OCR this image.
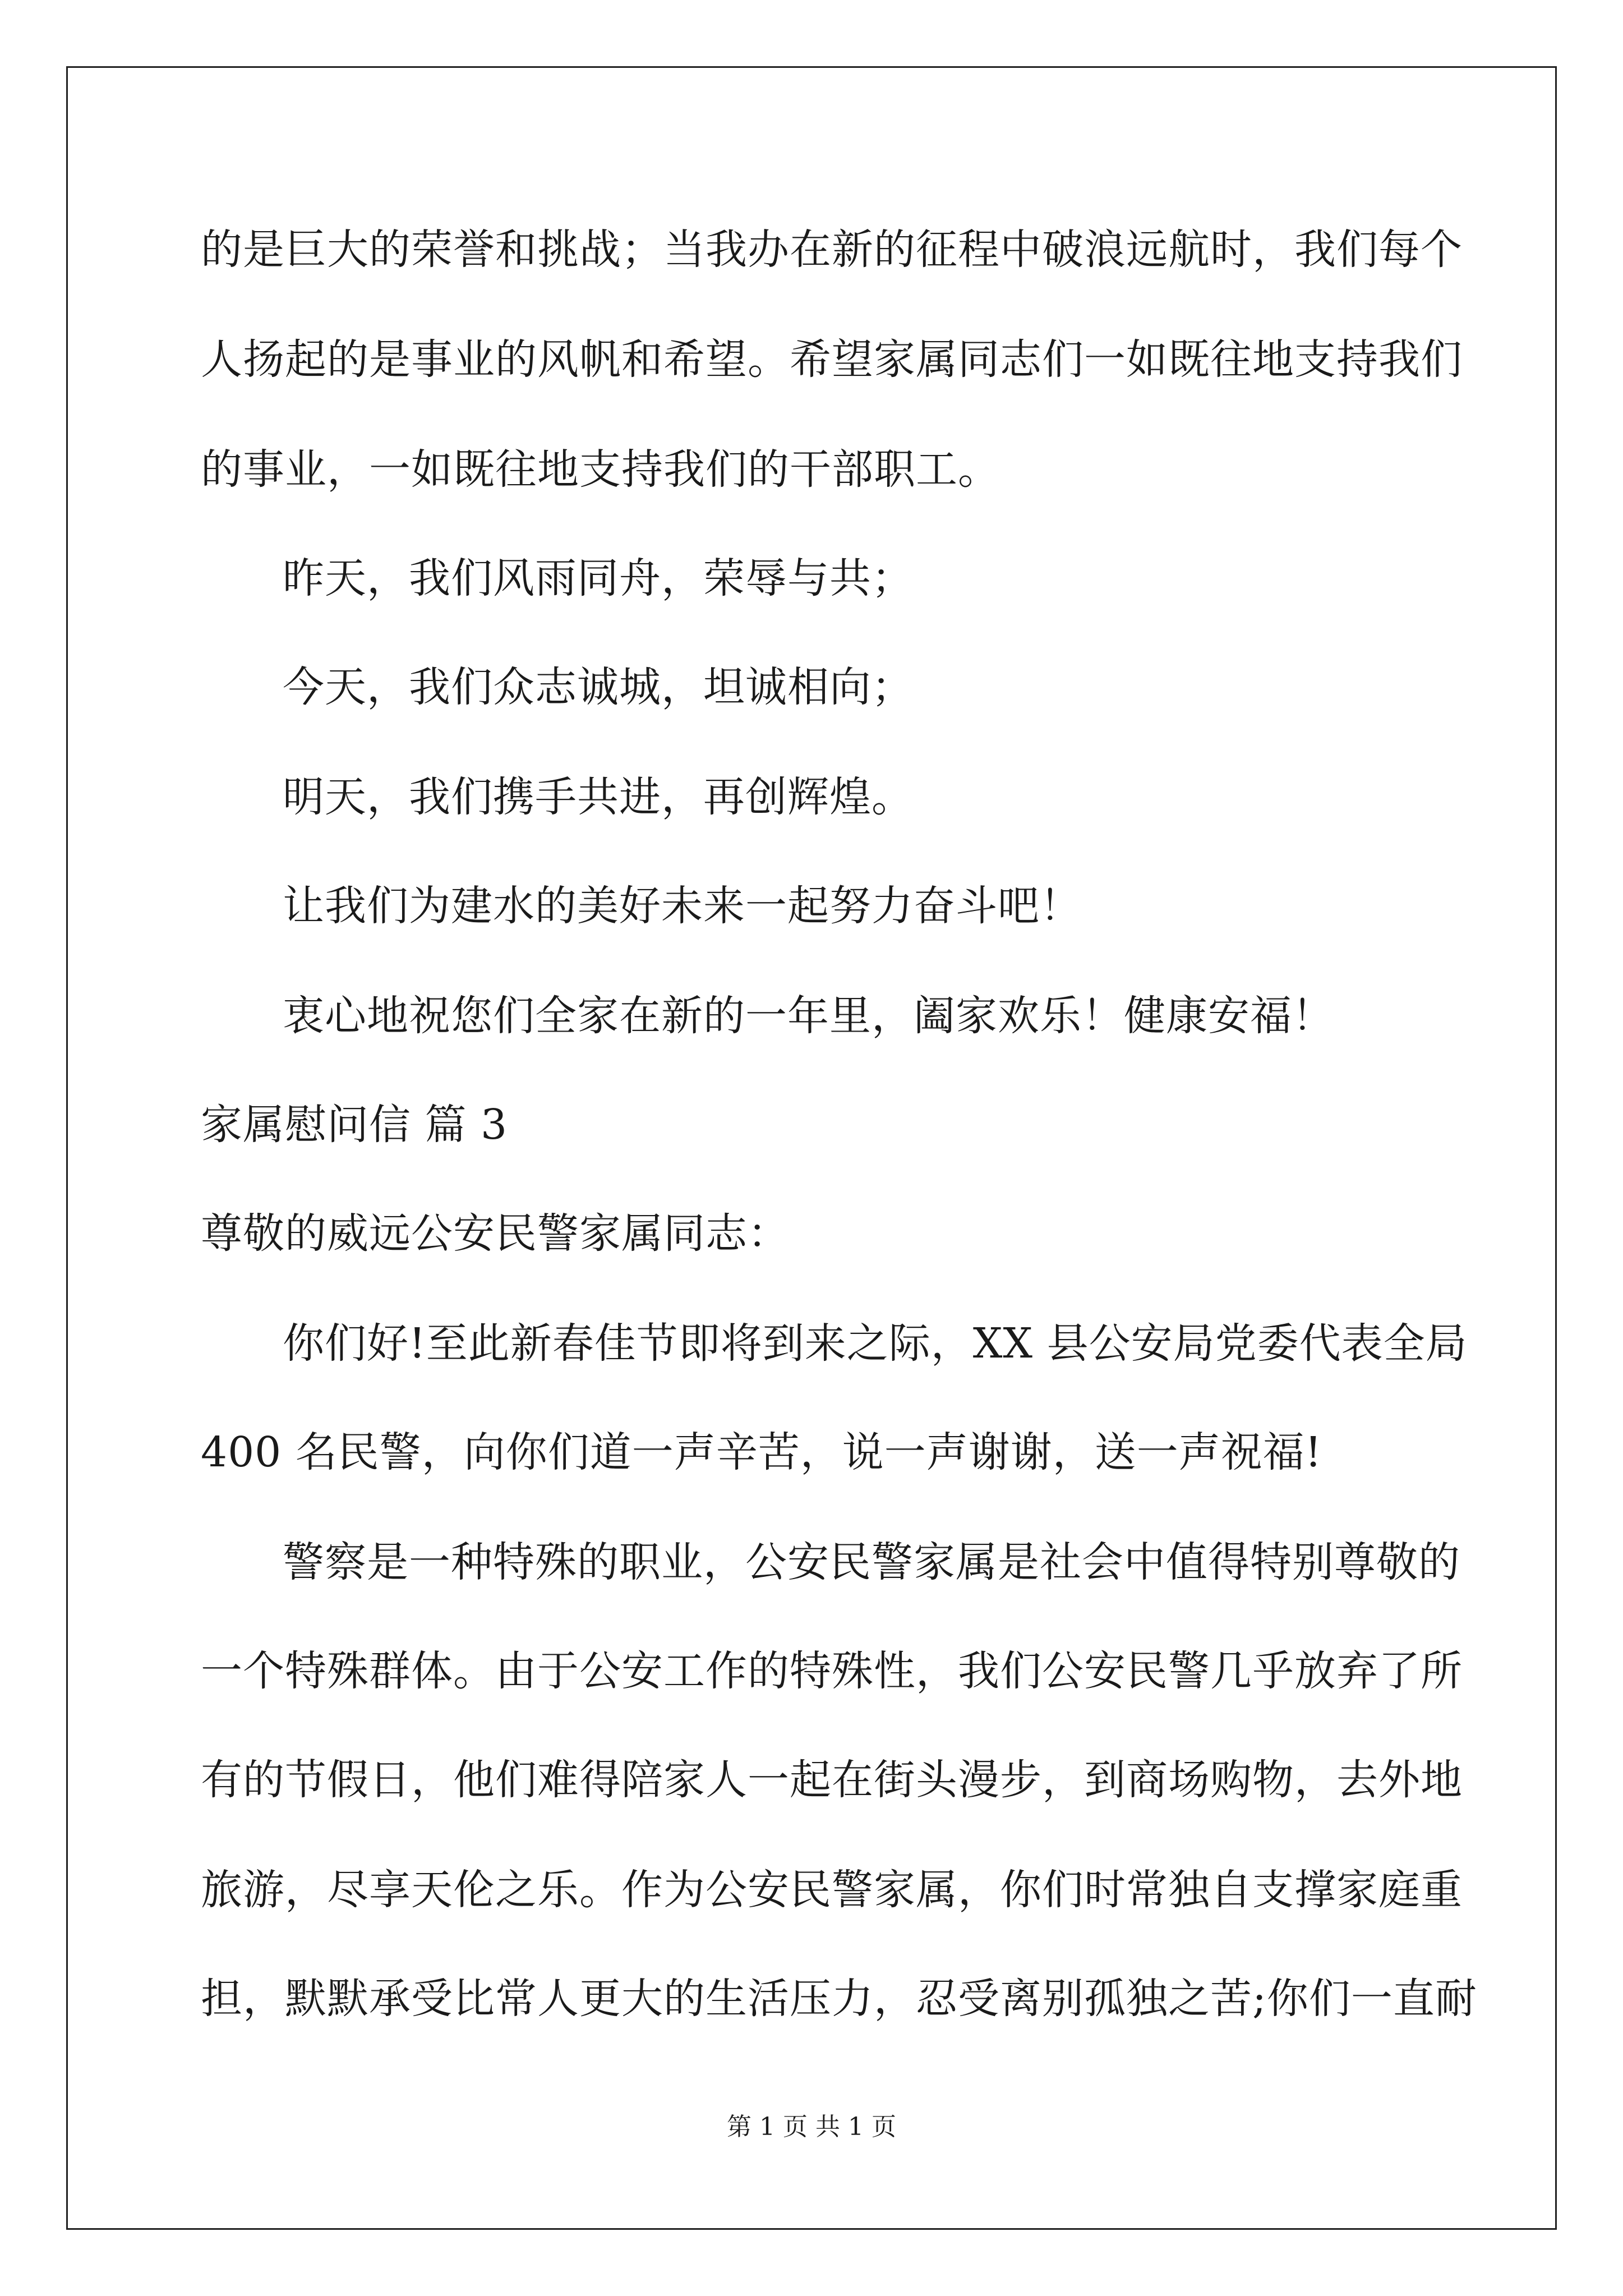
的是巨大的荣誉和挑战；当我办在新的征程中破浪远航时，我们每个
人扬起的是事业的风帆和希望。希望家属同志们一如既往地支持我们
的事业，一如既往地支持我们的干部职工。
昨天，我们风雨同舟，荣辱与共；
今天，我们众志诚城，坦诚相向；
明天，我们携手共进，再创辉煌。
让我们为建水的美好未来一起努力奋斗吧！
衷心地祝您们全家在新的一年里，阖家欢乐！健康安福！
家属慰问信 篇 3
尊敬的威远公安民警家属同志：
你们好!至此新春佳节即将到来之际，XX 县公安局党委代表全局
400 名民警，向你们道一声辛苦，说一声谢谢，送一声祝福!
警察是一种特殊的职业，公安民警家属是社会中值得特别尊敬的
一个特殊群体。由于公安工作的特殊性，我们公安民警几乎放弃了所
有的节假日，他们难得陪家人一起在街头漫步，到商场购物，去外地
旅游，尽享天伦之乐。作为公安民警家属，你们时常独自支撑家庭重
担，默默承受比常人更大的生活压力，忍受离别孤独之苦;你们一直耐
第 1 页 共 1 页
